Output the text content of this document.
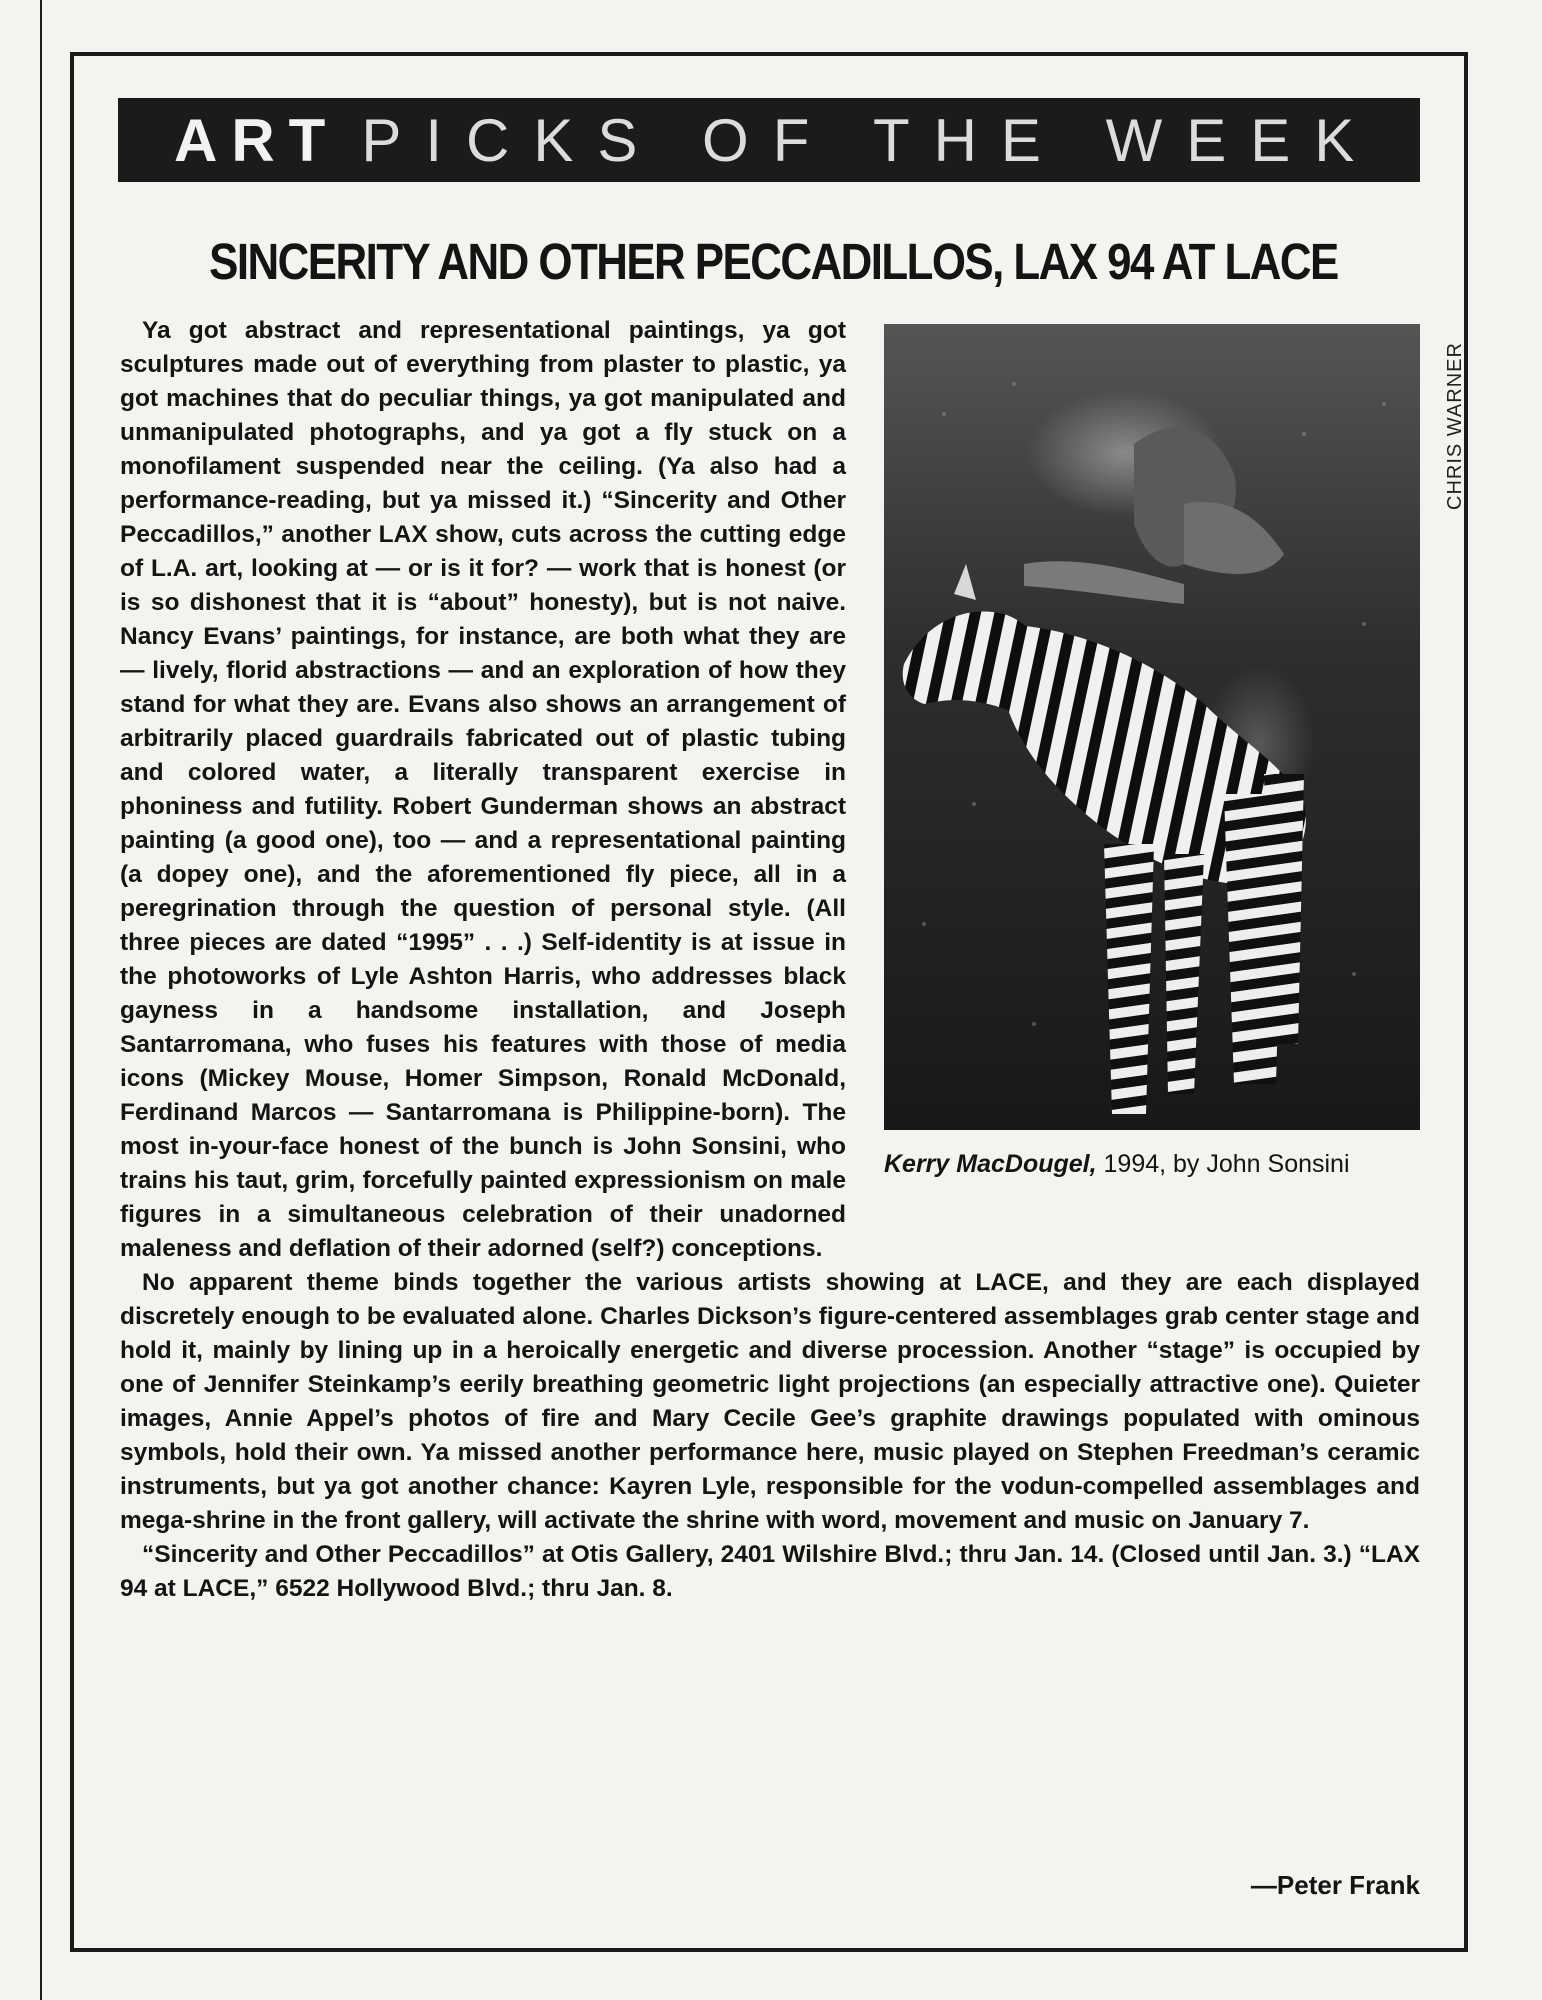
ART PICKS OF THE WEEK
SINCERITY AND OTHER PECCADILLOS, LAX 94 AT LACE
CHRIS WARNER
Kerry MacDougel, 1994, by John Sonsini

Ya got abstract and representational paintings, ya got sculptures made out of everything from plaster to plastic, ya got machines that do peculiar things, ya got manipulated and unmanipulated photographs, and ya got a fly stuck on a monofilament suspended near the ceiling. (Ya also had a performance-reading, but ya missed it.) “Sincerity and Other Peccadillos,” another LAX show, cuts across the cutting edge of L.A. art, looking at — or is it for? — work that is honest (or is so dishonest that it is “about” honesty), but is not naive. Nancy Evans’ paintings, for instance, are both what they are — lively, florid abstractions — and an exploration of how they stand for what they are. Evans also shows an arrangement of arbitrarily placed guardrails fabricated out of plastic tubing and colored water, a literally transparent exercise in phoniness and futility. Robert Gunderman shows an abstract painting (a good one), too — and a representational painting (a dopey one), and the aforementioned fly piece, all in a peregrination through the question of personal style. (All three pieces are dated “1995” . . .) Self-identity is at issue in the photoworks of Lyle Ashton Harris, who addresses black gayness in a handsome installation, and Joseph Santarromana, who fuses his features with those of media icons (Mickey Mouse, Homer Simpson, Ronald McDonald, Ferdinand Marcos — Santarromana is Philippine-born). The most in-your-face honest of the bunch is John Sonsini, who trains his taut, grim, forcefully painted expressionism on male figures in a simultaneous celebration of their unadorned maleness and deflation of their adorned (self?) conceptions.

No apparent theme binds together the various artists showing at LACE, and they are each displayed discretely enough to be evaluated alone. Charles Dickson’s figure-centered assemblages grab center stage and hold it, mainly by lining up in a heroically energetic and diverse procession. Another “stage” is occupied by one of Jennifer Steinkamp’s eerily breathing geometric light projections (an especially attractive one). Quieter images, Annie Appel’s photos of fire and Mary Cecile Gee’s graphite drawings populated with ominous symbols, hold their own. Ya missed another performance here, music played on Stephen Freedman’s ceramic instruments, but ya got another chance: Kayren Lyle, responsible for the vodun-compelled assemblages and mega-shrine in the front gallery, will activate the shrine with word, movement and music on January 7.

“Sincerity and Other Peccadillos” at Otis Gallery, 2401 Wilshire Blvd.; thru Jan. 14. (Closed until Jan. 3.) “LAX 94 at LACE,” 6522 Hollywood Blvd.; thru Jan. 8.

—Peter Frank
